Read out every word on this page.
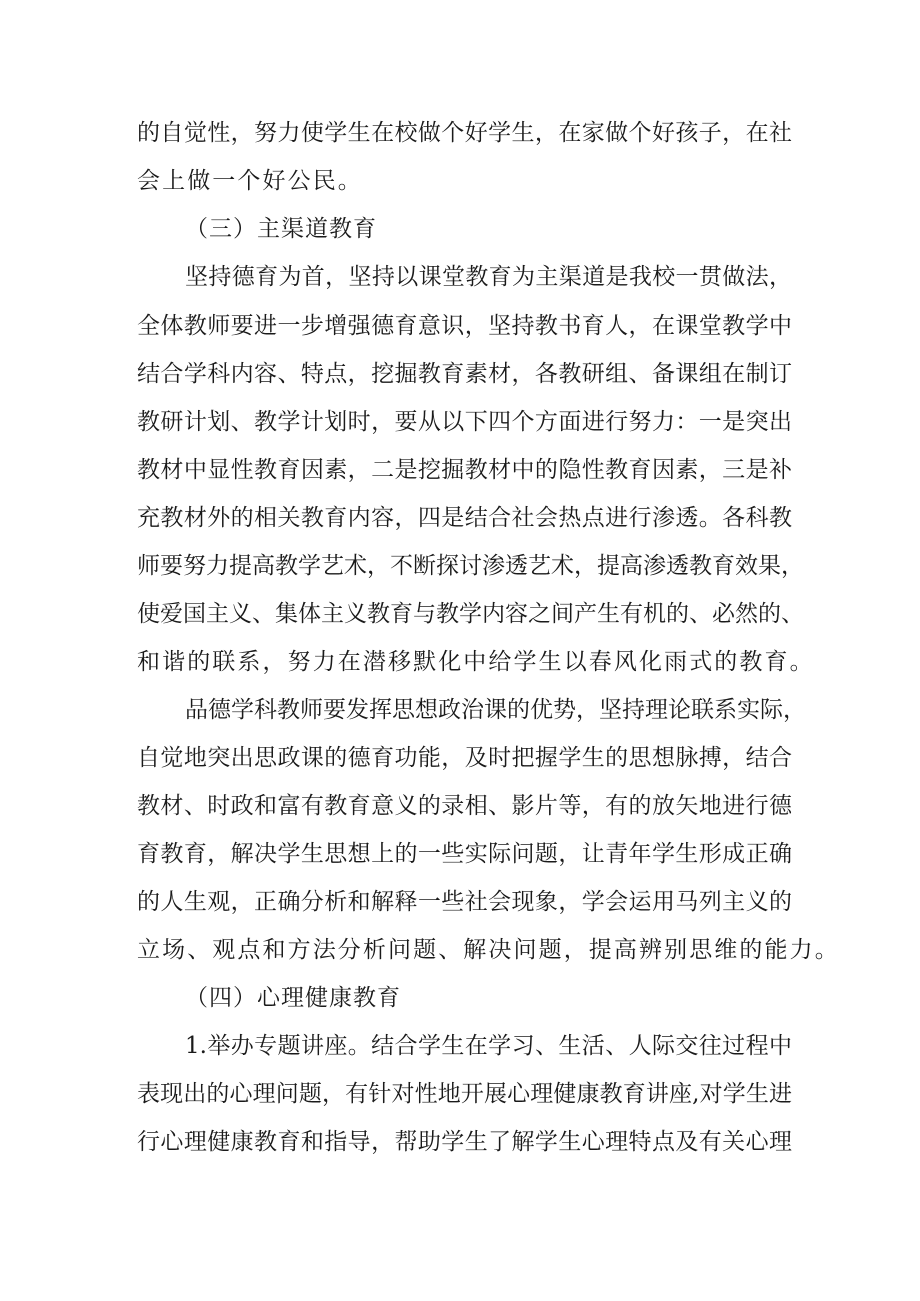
的自觉性，努力使学生在校做个好学生，在家做个好孩子，在社
会上做一个好公民。
（三）主渠道教育
坚持德育为首，坚持以课堂教育为主渠道是我校一贯做法，
全体教师要进一步增强德育意识，坚持教书育人，在课堂教学中
结合学科内容、特点，挖掘教育素材，各教研组、备课组在制订
教研计划、教学计划时，要从以下四个方面进行努力：一是突出
教材中显性教育因素，二是挖掘教材中的隐性教育因素，三是补
充教材外的相关教育内容，四是结合社会热点进行渗透。各科教
师要努力提高教学艺术，不断探讨渗透艺术，提高渗透教育效果，
使爱国主义、集体主义教育与教学内容之间产生有机的、必然的、
和谐的联系，努力在潜移默化中给学生以春风化雨式的教育。
品德学科教师要发挥思想政治课的优势，坚持理论联系实际，
自觉地突出思政课的德育功能，及时把握学生的思想脉搏，结合
教材、时政和富有教育意义的录相、影片等，有的放矢地进行德
育教育，解决学生思想上的一些实际问题，让青年学生形成正确
的人生观，正确分析和解释一些社会现象，学会运用马列主义的
立场、观点和方法分析问题、解决问题，提高辨别思维的能力。
（四）心理健康教育
1.举办专题讲座。结合学生在学习、生活、人际交往过程中
表现出的心理问题，有针对性地开展心理健康教育讲座,对学生进
行心理健康教育和指导，帮助学生了解学生心理特点及有关心理
